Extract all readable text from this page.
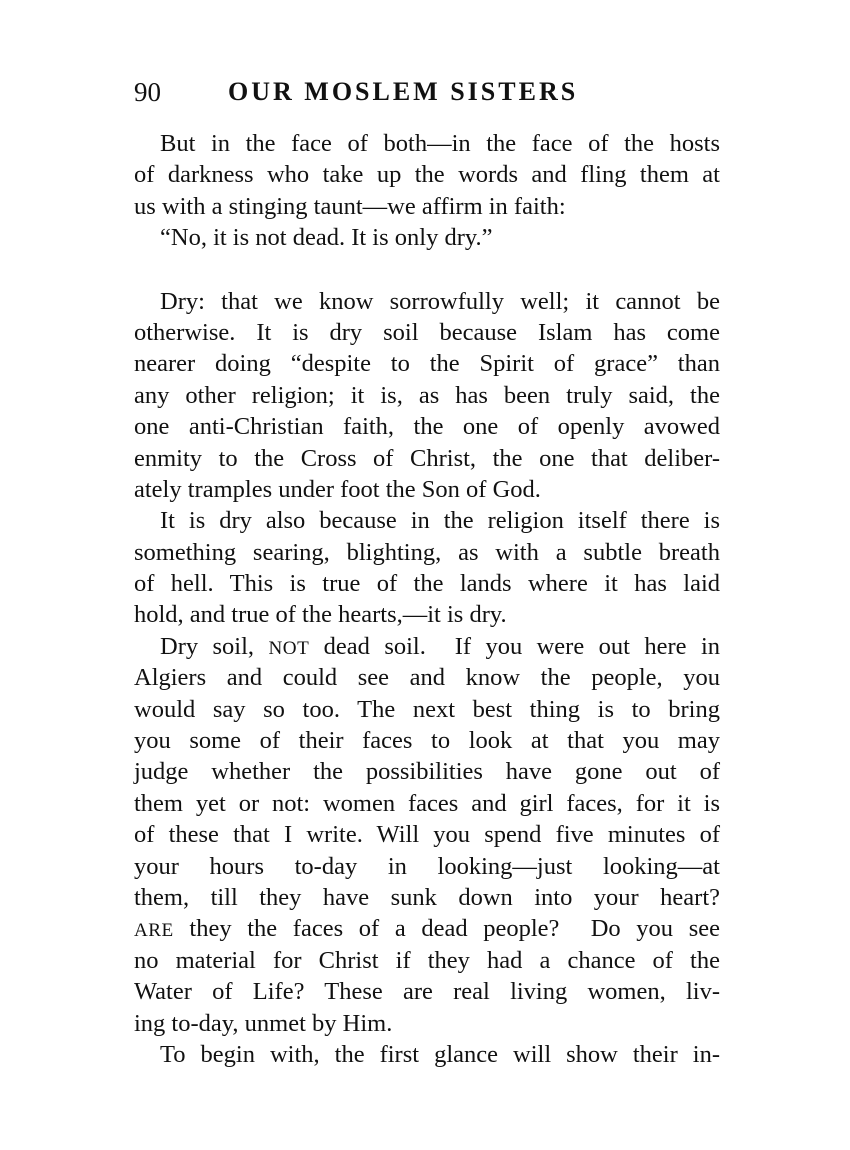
90	OUR MOSLEM SISTERS
But in the face of both—in the face of the hosts
of darkness who take up the words and fling them at
us with a stinging taunt—we affirm in faith:
“No, it is not dead. It is only dry.”
Dry: that we know sorrowfully well; it cannot be
otherwise. It is dry soil because Islam has come
nearer doing “despite to the Spirit of grace” than
any other religion; it is, as has been truly said, the
one anti-Christian faith, the one of openly avowed
enmity to the Cross of Christ, the one that deliber-
ately tramples under foot the Son of God.
It is dry also because in the religion itself there is
something searing, blighting, as with a subtle breath
of hell. This is true of the lands where it has laid
hold, and true of the hearts,—it is dry.
Dry soil, NOT dead soil.  If you were out here in
Algiers and could see and know the people, you
would say so too. The next best thing is to bring
you some of their faces to look at that you may
judge whether the possibilities have gone out of
them yet or not: women faces and girl faces, for it is
of these that I write. Will you spend five minutes of
your hours to-day in looking—just looking—at
them, till they have sunk down into your heart?
ARE they the faces of a dead people?  Do you see
no material for Christ if they had a chance of the
Water of Life? These are real living women, liv-
ing to-day, unmet by Him.
To begin with, the first glance will show their in-
